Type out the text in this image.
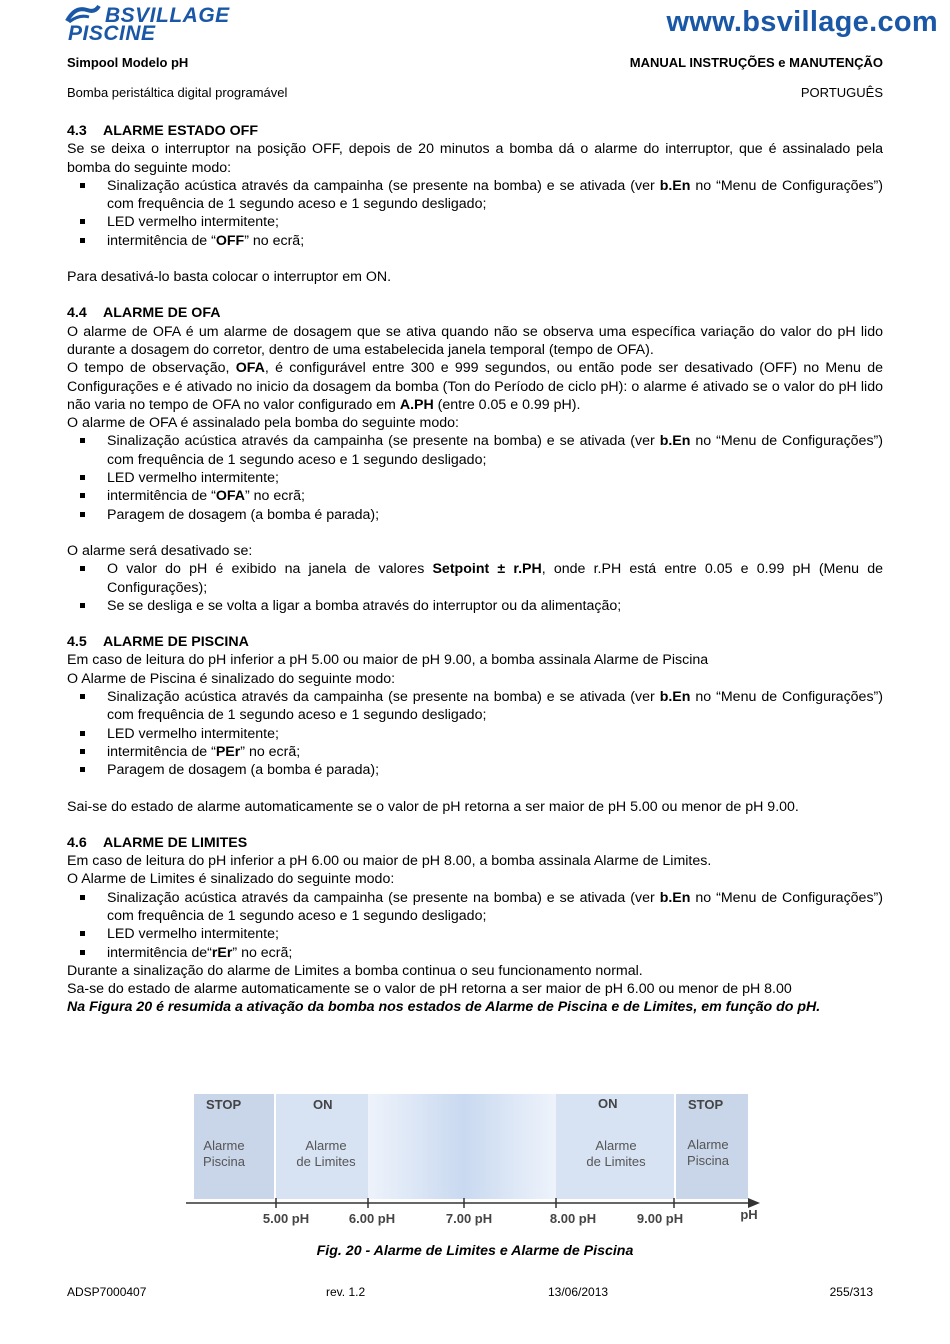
BSVILLAGE
PISCINE	www.bsvillage.com
Simpool Modelo pH	MANUAL INSTRUÇÕES e MANUTENÇÃO
Bomba peristáltica digital programável	PORTUGUÊS

4.3 ALARME ESTADO OFF

Se se deixa o interruptor na posição OFF, depois de 20 minutos a bomba dá o alarme do interruptor, que é assinalado pela bomba do seguinte modo:

Sinalização acústica através da campainha (se presente na bomba) e se ativada (ver b.En no “Menu de Configurações”) com frequência de 1 segundo aceso e 1 segundo desligado;
LED vermelho intermitente;
intermitência de “OFF” no ecrã;

Para desativá-lo basta colocar o interruptor em ON.

4.4 ALARME DE OFA

O alarme de OFA é um alarme de dosagem que se ativa quando não se observa uma específica variação do valor do pH lido durante a dosagem do corretor, dentro de uma estabelecida janela temporal (tempo de OFA).

O tempo de observação, OFA, é configurável entre 300 e 999 segundos, ou então pode ser desativado (OFF) no Menu de Configurações e é ativado no inicio da dosagem da bomba (Ton do Período de ciclo pH): o alarme é ativado se o valor do pH lido não varia no tempo de OFA no valor configurado em A.PH (entre 0.05 e 0.99 pH).

O alarme de OFA é assinalado pela bomba do seguinte modo:

Sinalização acústica através da campainha (se presente na bomba) e se ativada (ver b.En no “Menu de Configurações”) com frequência de 1 segundo aceso e 1 segundo desligado;
LED vermelho intermitente;
intermitência de “OFA” no ecrã;
Paragem de dosagem (a bomba é parada);

O alarme será desativado se:

O valor do pH é exibido na janela de valores Setpoint ± r.PH, onde r.PH está entre 0.05 e 0.99 pH (Menu de Configurações);
Se se desliga e se volta a ligar a bomba através do interruptor ou da alimentação;

4.5 ALARME DE PISCINA

Em caso de leitura do pH inferior a pH 5.00 ou maior de pH 9.00, a bomba assinala Alarme de Piscina

O Alarme de Piscina é sinalizado do seguinte modo:

Sinalização acústica através da campainha (se presente na bomba) e se ativada (ver b.En no “Menu de Configurações”) com frequência de 1 segundo aceso e 1 segundo desligado;
LED vermelho intermitente;
intermitência de “PEr” no ecrã;
Paragem de dosagem (a bomba é parada);

Sai-se do estado de alarme automaticamente se o valor de pH retorna a ser maior de pH 5.00 ou menor de pH 9.00.

4.6 ALARME DE LIMITES

Em caso de leitura do pH inferior a pH 6.00 ou maior de pH 8.00, a bomba assinala Alarme de Limites.

O Alarme de Limites é sinalizado do seguinte modo:

Sinalização acústica através da campainha (se presente na bomba) e se ativada (ver b.En no “Menu de Configurações”) com frequência de 1 segundo aceso e 1 segundo desligado;
LED vermelho intermitente;
intermitência de“rEr” no ecrã;

Durante a sinalização do alarme de Limites a bomba continua o seu funcionamento normal.

Sa-se do estado de alarme automaticamente se o valor de pH retorna a ser maior de pH 6.00 ou menor de pH 8.00

Na Figura 20 é resumida a ativação da bomba nos estados de Alarme de Piscina e de Limites, em função do pH.

STOP	ON	ON	STOP
Alarme
Piscina
Alarme
de Limites
Alarme
de Limites
Alarme
Piscina
5.00 pH	6.00 pH	7.00 pH	8.00 pH	9.00 pH	pH
Fig. 20 - Alarme de Limites e Alarme de Piscina
ADSP7000407	rev. 1.2	13/06/2013	255/313
